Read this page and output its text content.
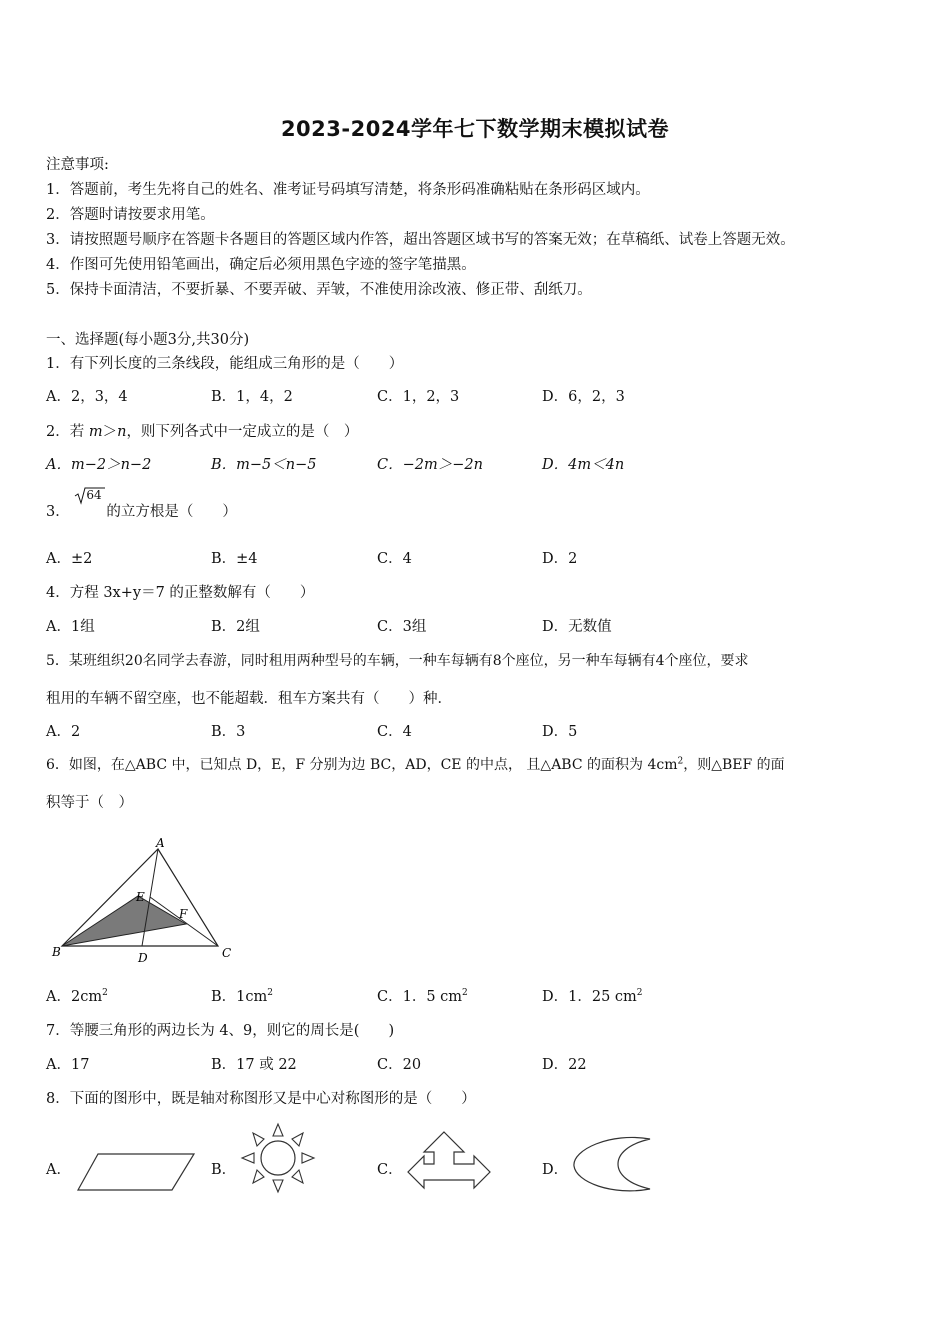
2023-2024学年七下数学期末模拟试卷
注意事项:
1．答题前，考生先将自己的姓名、准考证号码填写清楚，将条形码准确粘贴在条形码区域内。
2．答题时请按要求用笔。
3．请按照题号顺序在答题卡各题目的答题区域内作答，超出答题区域书写的答案无效；在草稿纸、试卷上答题无效。
4．作图可先使用铅笔画出，确定后必须用黑色字迹的签字笔描黑。
5．保持卡面清洁，不要折暴、不要弄破、弄皱，不准使用涂改液、修正带、刮纸刀。
一、选择题(每小题3分,共30分)
1．有下列长度的三条线段，能组成三角形的是（　　）
A．2，3，4	B．1，4，2	C．1，2，3	D．6，2，3
2．若 m＞n，则下列各式中一定成立的是（　）
A．m−2＞n−2	B．m−5＜n−5	C．−2m＞−2n	D．4m＜4n
3．
64
的立方根是（　　）
A．±2	B．±4	C．4	D．2
4．方程 3x+y＝7 的正整数解有（　　）
A．1组	B．2组	C．3组	D．无数值
5．某班组织20名同学去春游，同时租用两种型号的车辆，一种车每辆有8个座位，另一种车每辆有4个座位，要求
租用的车辆不留空座，也不能超载．租车方案共有（　　）种．
A．2	B．3	C．4	D．5
6．如图，在△ABC 中，已知点 D，E，F 分别为边 BC，AD，CE 的中点， 且△ABC 的面积为 $4cm^2$，则△BEF 的面
积等于（　）
A
E
F
B	D	C
A．$2cm^2$	B．$1cm^2$	C．1．5 $cm^2$	D．1．25 $cm^2$
7．等腰三角形的两边长为 4、9，则它的周长是(　　)
A．17	B．17 或 22	C．20	D．22
8．下面的图形中，既是轴对称图形又是中心对称图形的是（　　）
A．	B．	C．	D．
